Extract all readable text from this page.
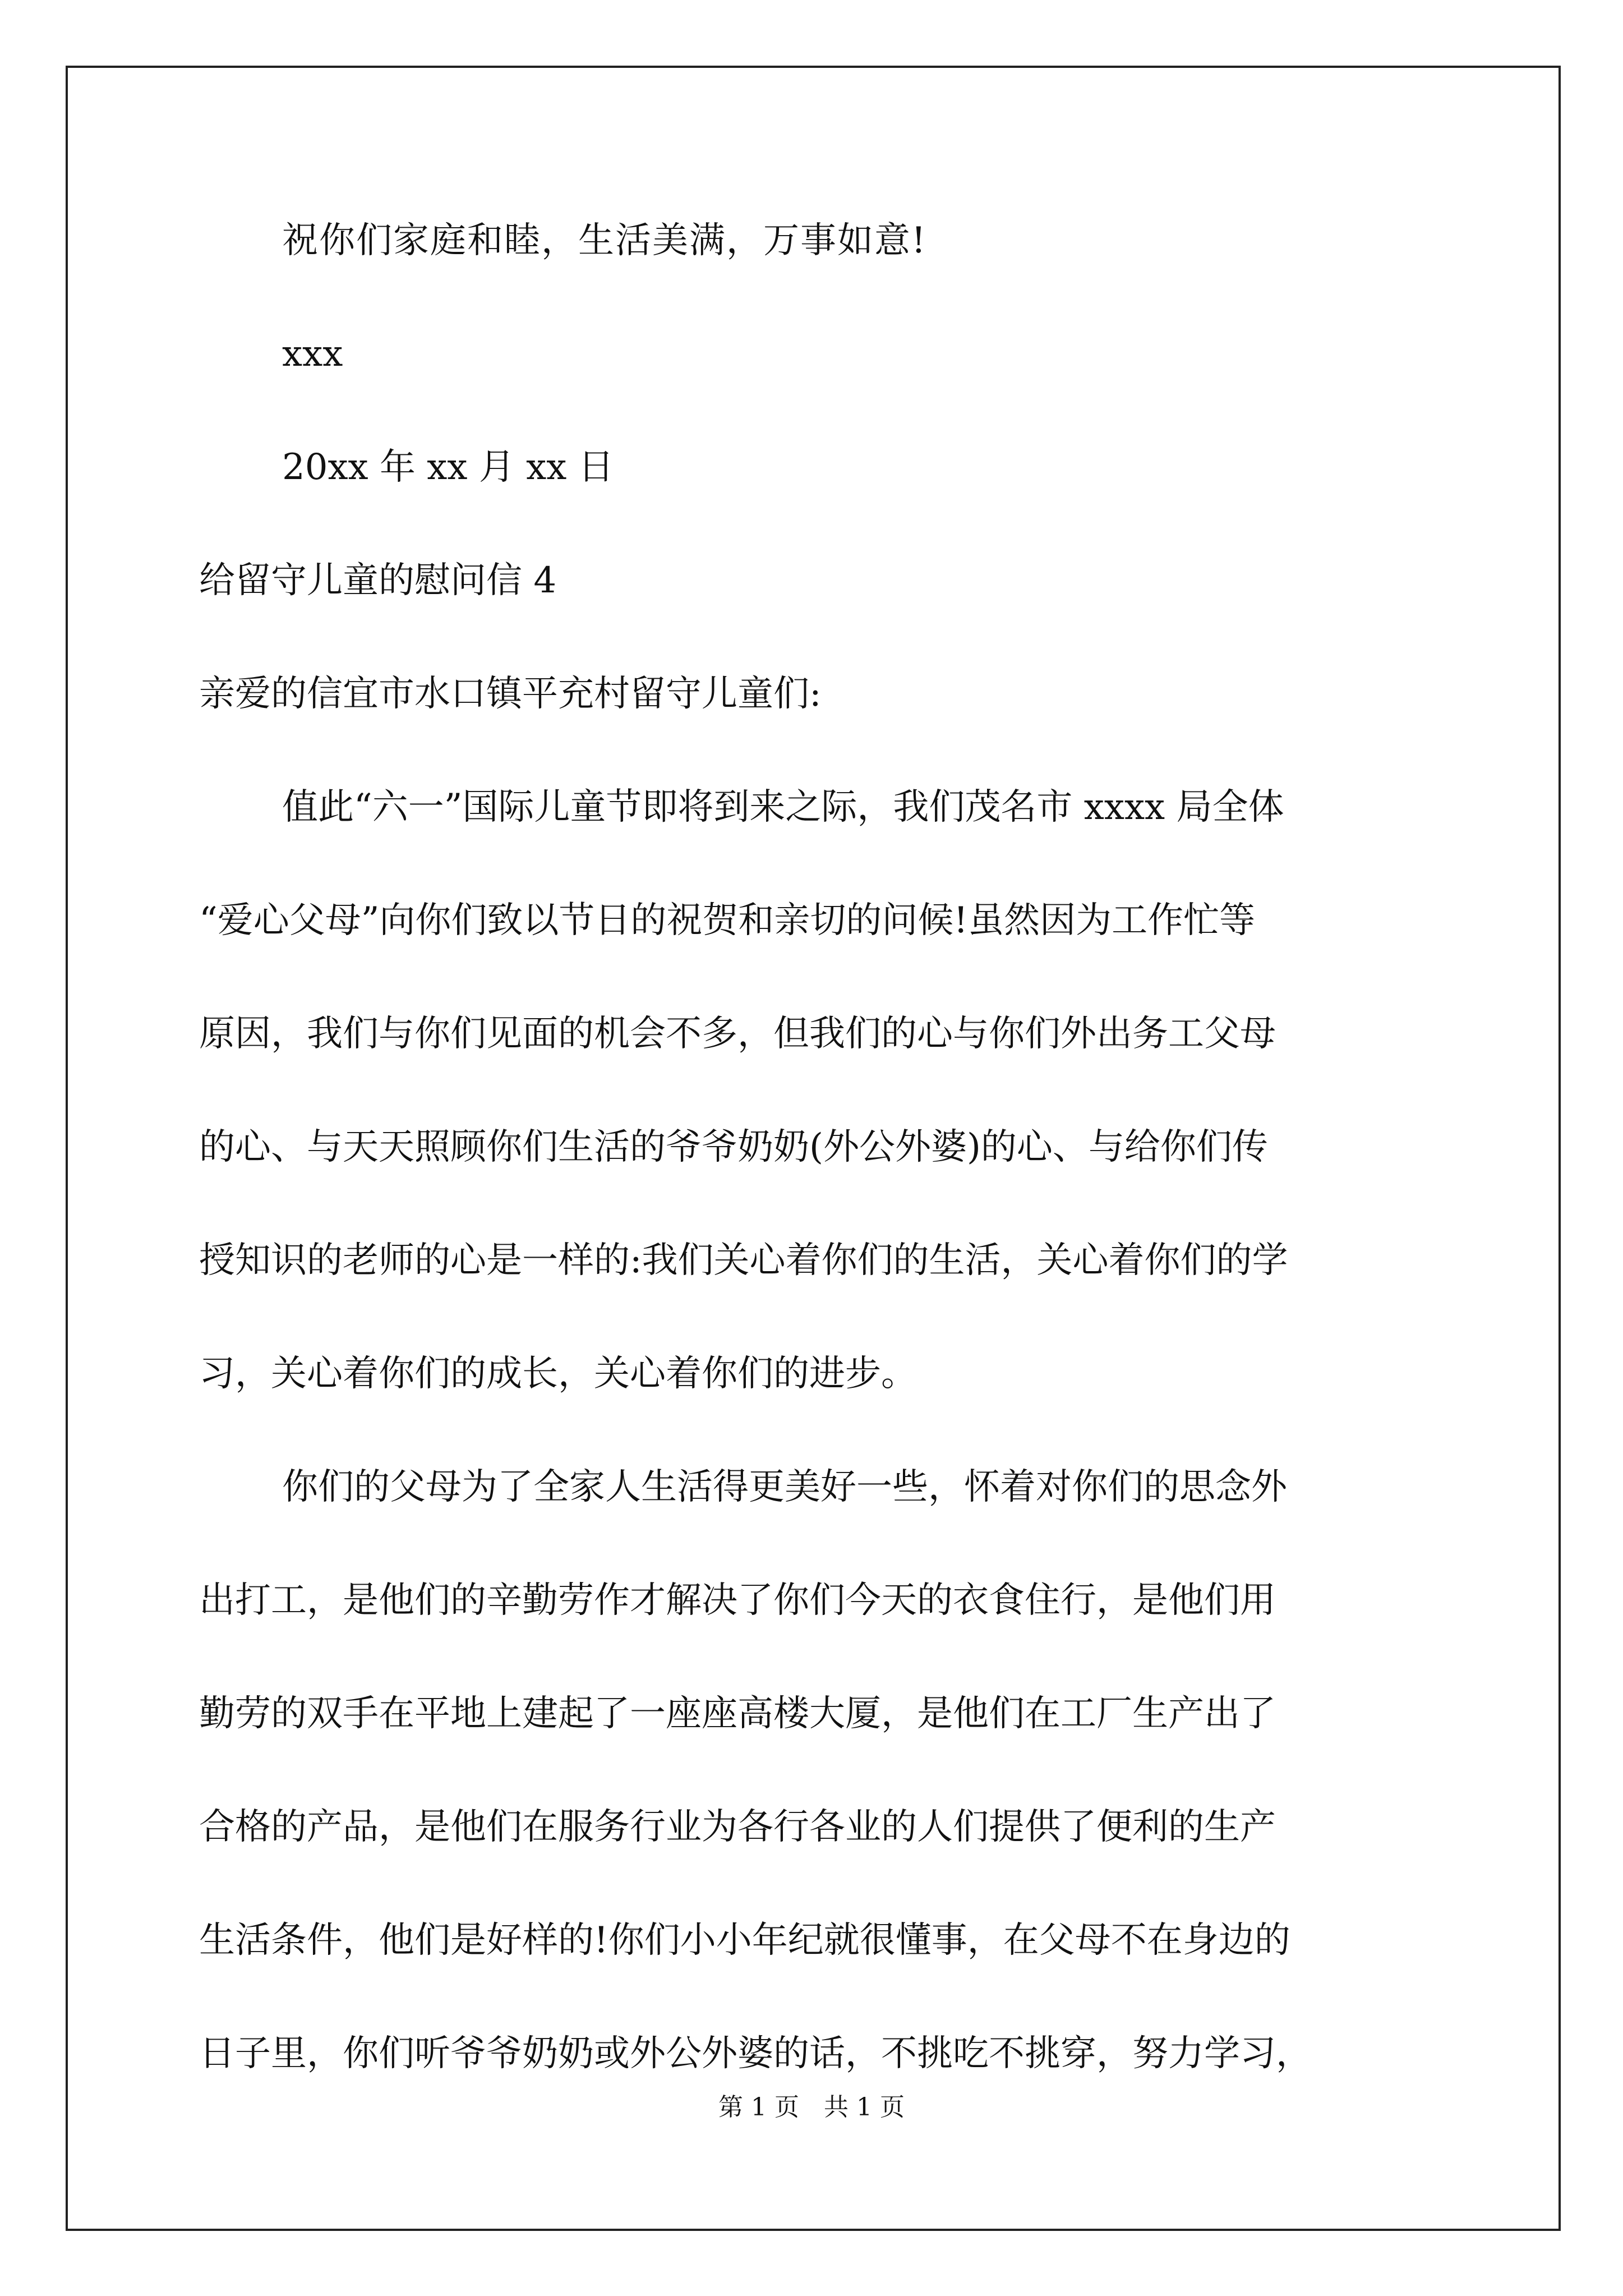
祝你们家庭和睦，生活美满，万事如意!
xxx
20xx 年 xx 月 xx 日
给留守儿童的慰问信 4
亲爱的信宜市水口镇平充村留守儿童们:
值此“六一”国际儿童节即将到来之际，我们茂名市 xxxx 局全体
“爱心父母”向你们致以节日的祝贺和亲切的问候!虽然因为工作忙等
原因，我们与你们见面的机会不多，但我们的心与你们外出务工父母
的心、与天天照顾你们生活的爷爷奶奶(外公外婆)的心、与给你们传
授知识的老师的心是一样的:我们关心着你们的生活，关心着你们的学
习，关心着你们的成长，关心着你们的进步。
你们的父母为了全家人生活得更美好一些，怀着对你们的思念外
出打工，是他们的辛勤劳作才解决了你们今天的衣食住行，是他们用
勤劳的双手在平地上建起了一座座高楼大厦，是他们在工厂生产出了
合格的产品，是他们在服务行业为各行各业的人们提供了便利的生产
生活条件，他们是好样的!你们小小年纪就很懂事，在父母不在身边的
日子里，你们听爷爷奶奶或外公外婆的话，不挑吃不挑穿，努力学习，
第 1 页　共 1 页
